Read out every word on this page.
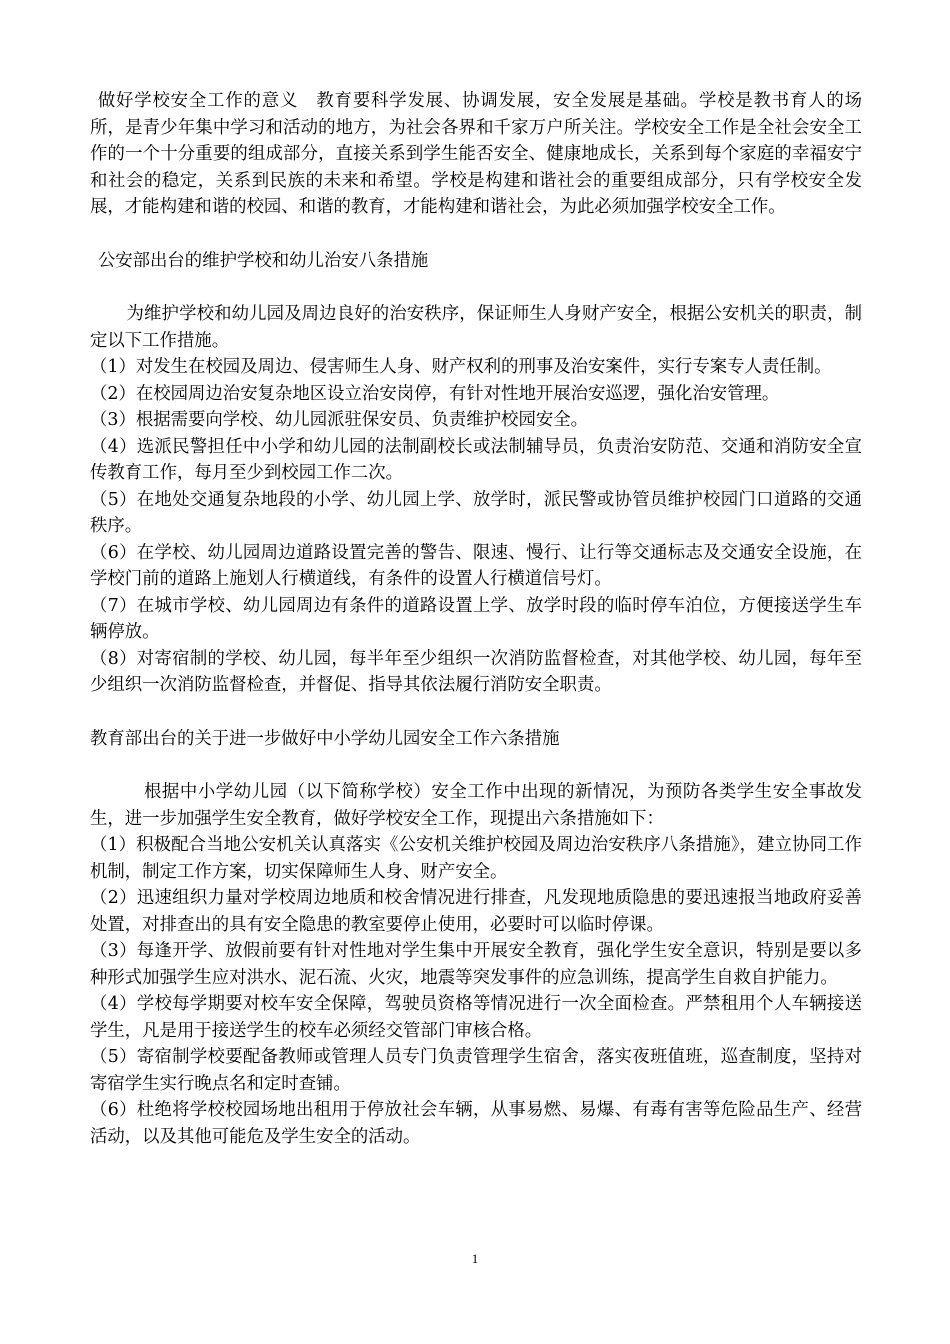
做好学校安全工作的意义　教育要科学发展、协调发展，安全发展是基础。学校是教书育人的场所，是青少年集中学习和活动的地方，为社会各界和千家万户所关注。学校安全工作是全社会安全工作的一个十分重要的组成部分，直接关系到学生能否安全、健康地成长，关系到每个家庭的幸福安宁和社会的稳定，关系到民族的未来和希望。学校是构建和谐社会的重要组成部分，只有学校安全发展，才能构建和谐的校园、和谐的教育，才能构建和谐社会，为此必须加强学校安全工作。

公安部出台的维护学校和幼儿治安八条措施

为维护学校和幼儿园及周边良好的治安秩序，保证师生人身财产安全，根据公安机关的职责，制定以下工作措施。

（1）对发生在校园及周边、侵害师生人身、财产权利的刑事及治安案件，实行专案专人责任制。

（2）在校园周边治安复杂地区设立治安岗停，有针对性地开展治安巡逻，强化治安管理。

（3）根据需要向学校、幼儿园派驻保安员、负责维护校园安全。

（4）选派民警担任中小学和幼儿园的法制副校长或法制辅导员，负责治安防范、交通和消防安全宣传教育工作，每月至少到校园工作二次。

（5）在地处交通复杂地段的小学、幼儿园上学、放学时，派民警或协管员维护校园门口道路的交通秩序。

（6）在学校、幼儿园周边道路设置完善的警告、限速、慢行、让行等交通标志及交通安全设施，在学校门前的道路上施划人行横道线，有条件的设置人行横道信号灯。

（7）在城市学校、幼儿园周边有条件的道路设置上学、放学时段的临时停车泊位，方便接送学生车辆停放。

（8）对寄宿制的学校、幼儿园，每半年至少组织一次消防监督检查，对其他学校、幼儿园，每年至少组织一次消防监督检查，并督促、指导其依法履行消防安全职责。

教育部出台的关于进一步做好中小学幼儿园安全工作六条措施

根据中小学幼儿园（以下简称学校）安全工作中出现的新情况，为预防各类学生安全事故发生，进一步加强学生安全教育，做好学校安全工作，现提出六条措施如下：

（1）积极配合当地公安机关认真落实《公安机关维护校园及周边治安秩序八条措施》，建立协同工作机制，制定工作方案，切实保障师生人身、财产安全。

（2）迅速组织力量对学校周边地质和校舍情况进行排查，凡发现地质隐患的要迅速报当地政府妥善处置，对排查出的具有安全隐患的教室要停止使用，必要时可以临时停课。

（3）每逢开学、放假前要有针对性地对学生集中开展安全教育，强化学生安全意识，特别是要以多种形式加强学生应对洪水、泥石流、火灾，地震等突发事件的应急训练，提高学生自救自护能力。

（4）学校每学期要对校车安全保障，驾驶员资格等情况进行一次全面检查。严禁租用个人车辆接送学生，凡是用于接送学生的校车必须经交管部门审核合格。

（5）寄宿制学校要配备教师或管理人员专门负责管理学生宿舍，落实夜班值班，巡查制度，坚持对寄宿学生实行晚点名和定时查铺。

（6）杜绝将学校校园场地出租用于停放社会车辆，从事易燃、易爆、有毒有害等危险品生产、经营活动，以及其他可能危及学生安全的活动。

1
